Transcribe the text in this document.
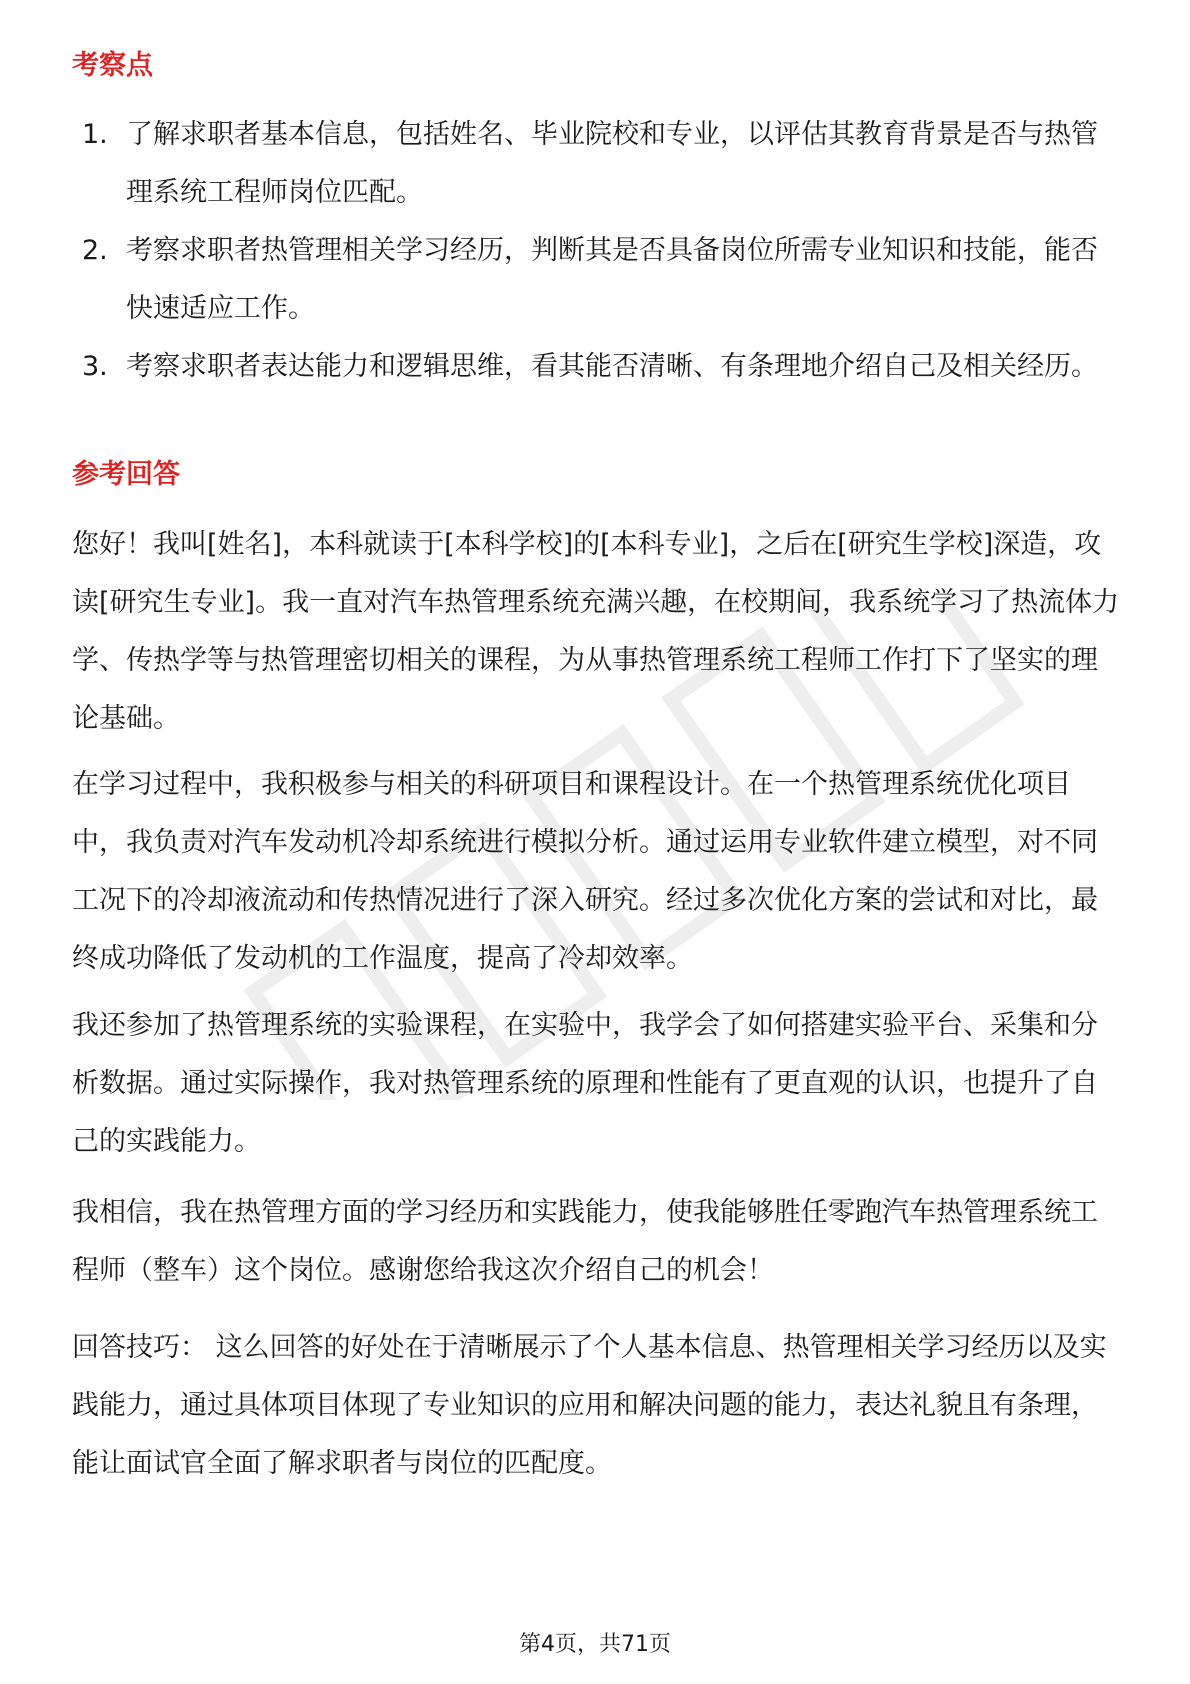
考察点
1. 了解求职者基本信息，包括姓名、毕业院校和专业，以评估其教育背景是否与热管理系统工程师岗位匹配。
2. 考察求职者热管理相关学习经历，判断其是否具备岗位所需专业知识和技能，能否快速适应工作。
3. 考察求职者表达能力和逻辑思维，看其能否清晰、有条理地介绍自己及相关经历。
参考回答

您好！我叫[姓名]，本科就读于[本科学校]的[本科专业]，之后在[研究生学校]深造，攻读[研究生专业]。我一直对汽车热管理系统充满兴趣，在校期间，我系统学习了热流体力学、传热学等与热管理密切相关的课程，为从事热管理系统工程师工作打下了坚实的理论基础。

在学习过程中，我积极参与相关的科研项目和课程设计。在一个热管理系统优化项目中，我负责对汽车发动机冷却系统进行模拟分析。通过运用专业软件建立模型，对不同工况下的冷却液流动和传热情况进行了深入研究。经过多次优化方案的尝试和对比，最终成功降低了发动机的工作温度，提高了冷却效率。

我还参加了热管理系统的实验课程，在实验中，我学会了如何搭建实验平台、采集和分析数据。通过实际操作，我对热管理系统的原理和性能有了更直观的认识，也提升了自己的实践能力。

我相信，我在热管理方面的学习经历和实践能力，使我能够胜任零跑汽车热管理系统工程师（整车）这个岗位。感谢您给我这次介绍自己的机会！

回答技巧： 这么回答的好处在于清晰展示了个人基本信息、热管理相关学习经历以及实践能力，通过具体项目体现了专业知识的应用和解决问题的能力，表达礼貌且有条理，能让面试官全面了解求职者与岗位的匹配度。

第4页，共71页
